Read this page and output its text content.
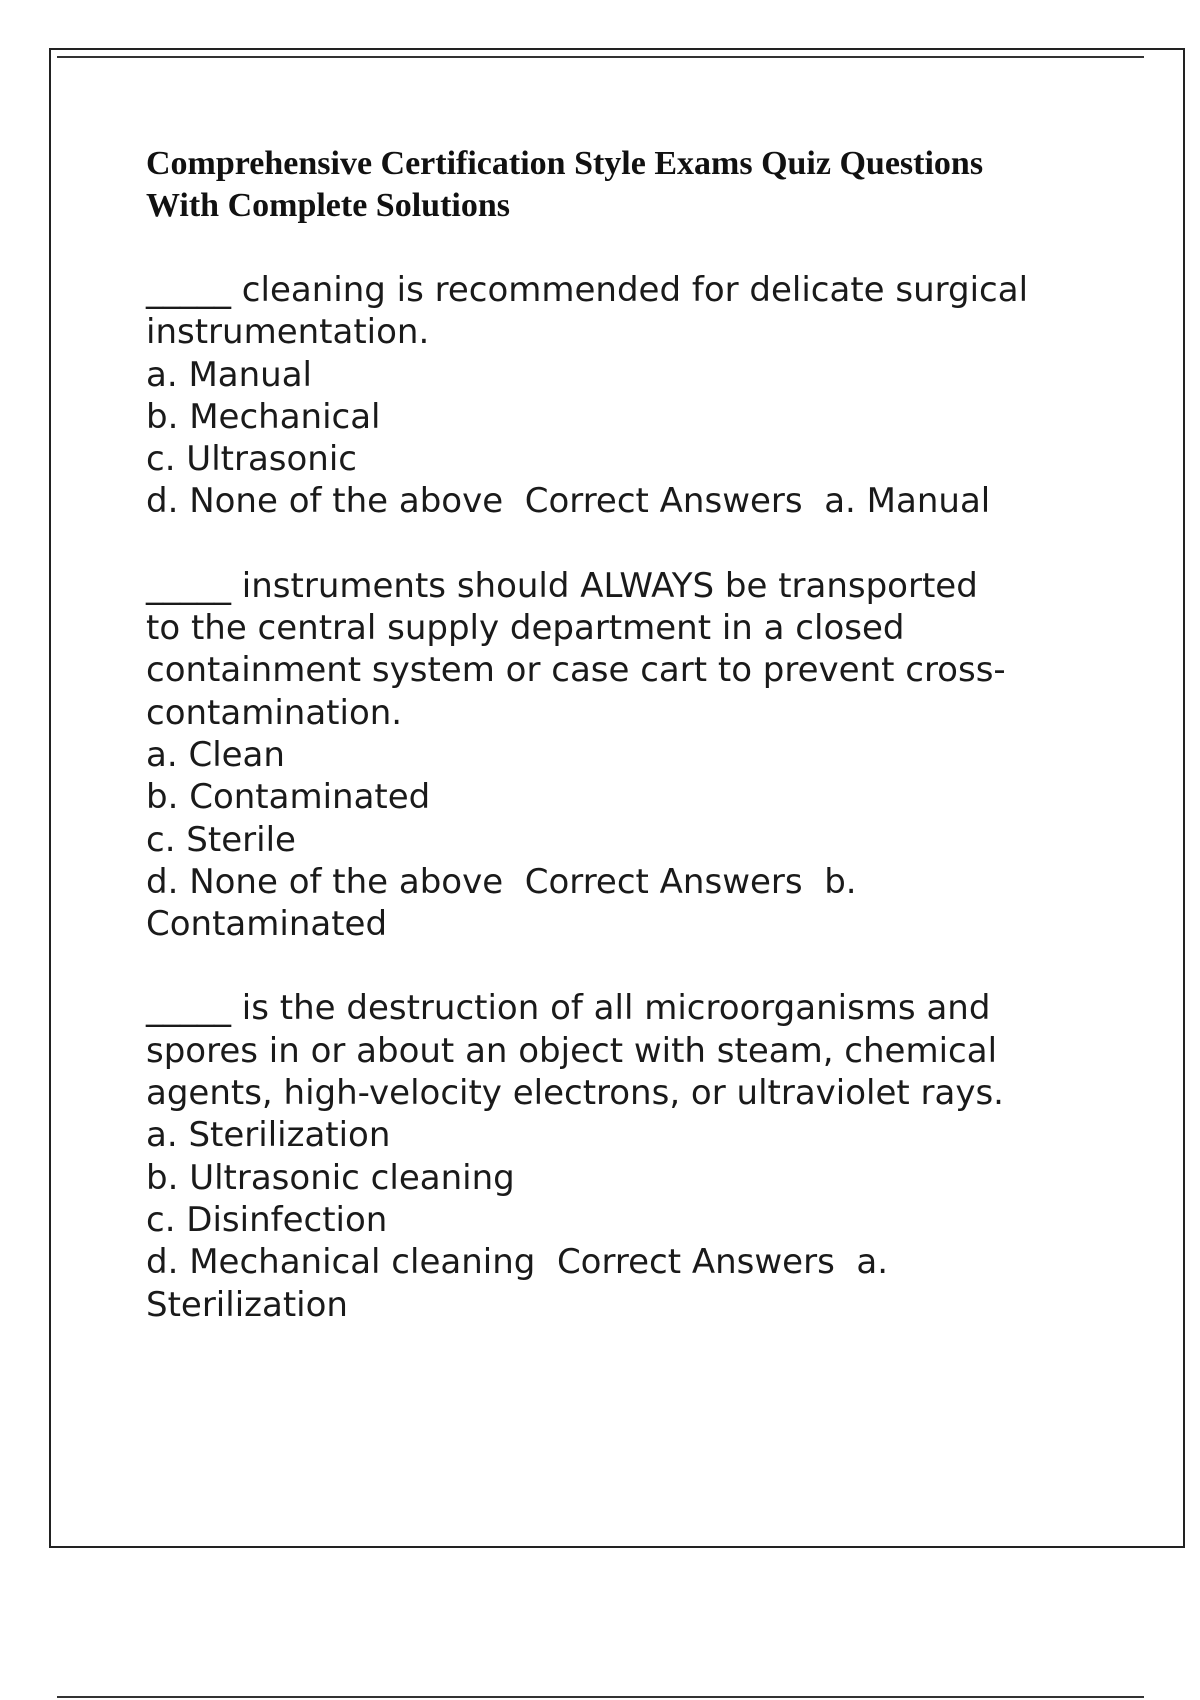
Comprehensive Certification Style Exams Quiz Questions
With Complete Solutions
_____ cleaning is recommended for delicate surgical
instrumentation.
a. Manual
b. Mechanical
c. Ultrasonic
d. None of the above  Correct Answers  a. Manual
_____ instruments should ALWAYS be transported
to the central supply department in a closed
containment system or case cart to prevent cross-
contamination.
a. Clean
b. Contaminated
c. Sterile
d. None of the above  Correct Answers  b.
Contaminated
_____ is the destruction of all microorganisms and
spores in or about an object with steam, chemical
agents, high-velocity electrons, or ultraviolet rays.
a. Sterilization
b. Ultrasonic cleaning
c. Disinfection
d. Mechanical cleaning  Correct Answers  a.
Sterilization
